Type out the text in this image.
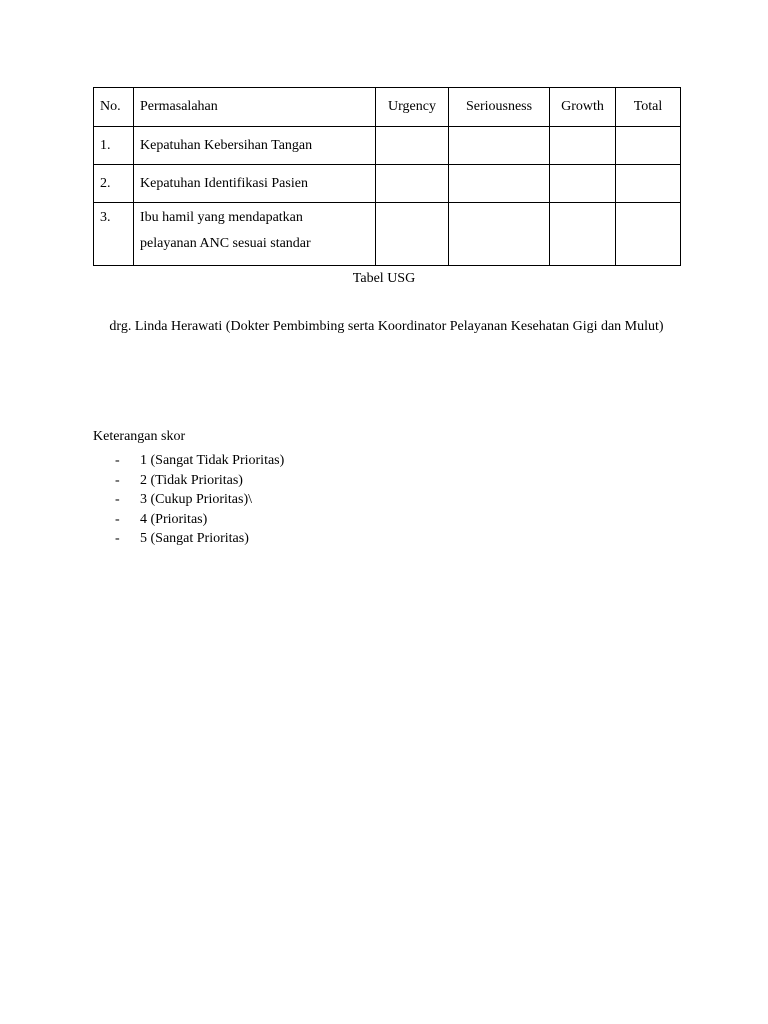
No.	Permasalahan	Urgency	Seriousness	Growth	Total
1.	Kepatuhan Kebersihan Tangan				
2.	Kepatuhan Identifikasi Pasien				
3.	Ibu hamil yang mendapatkan
pelayanan ANC sesuai standar				

Tabel USG
drg. Linda Herawati (Dokter Pembimbing serta Koordinator Pelayanan Kesehatan Gigi dan Mulut)
Keterangan skor
- 1 (Sangat Tidak Prioritas)
- 2 (Tidak Prioritas)
- 3 (Cukup Prioritas)\
- 4 (Prioritas)
- 5 (Sangat Prioritas)
